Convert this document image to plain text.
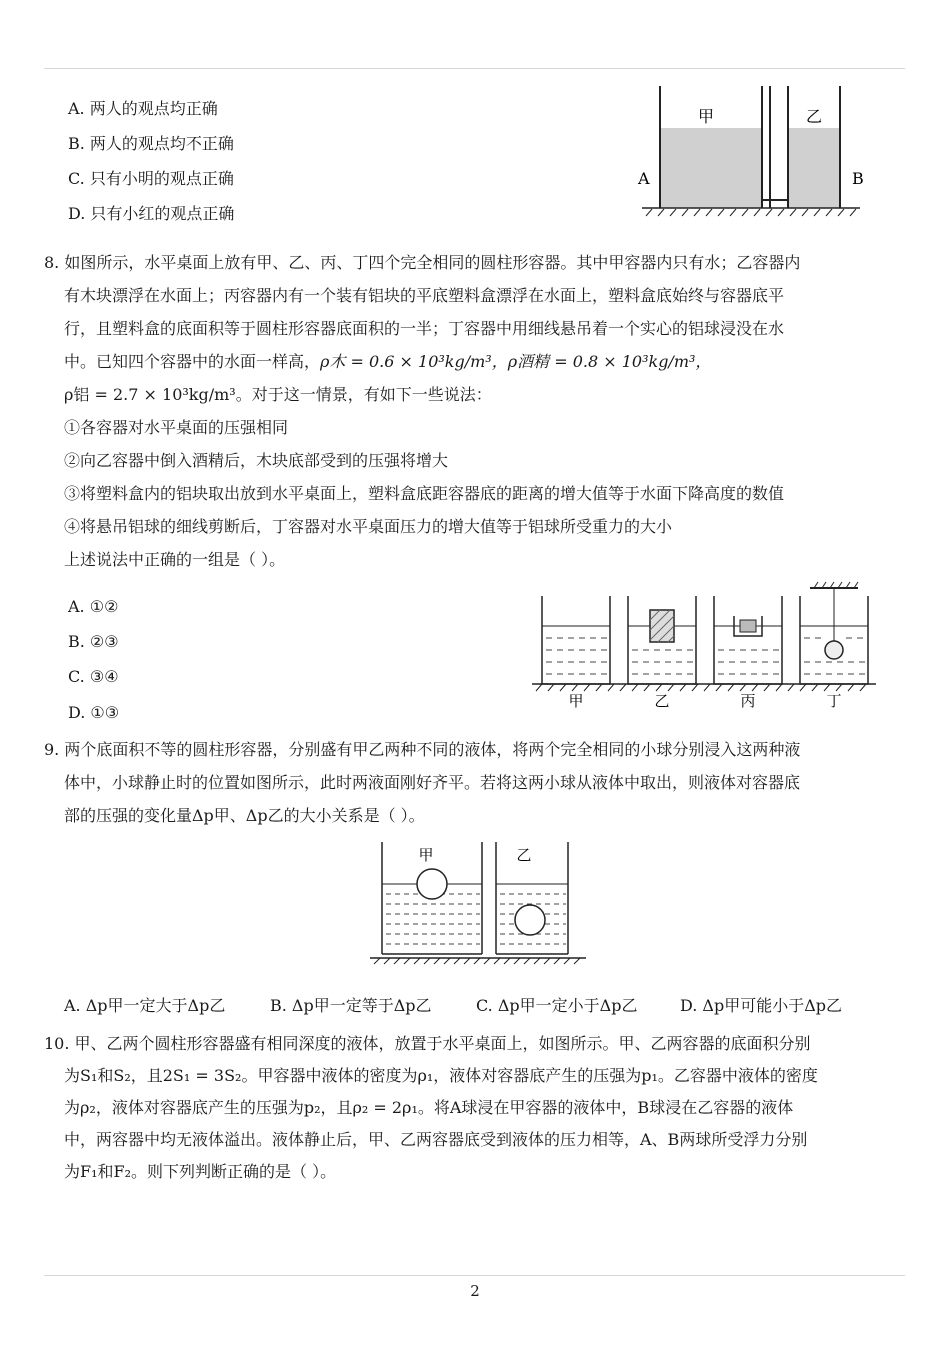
A. 两人的观点均正确
B. 两人的观点均不正确
C. 只有小明的观点正确
D. 只有小红的观点正确
甲	乙
A	B
8. 如图所示，水平桌面上放有甲、乙、丙、丁四个完全相同的圆柱形容器。其中甲容器内只有水；乙容器内
有木块漂浮在水面上；丙容器内有一个装有铝块的平底塑料盒漂浮在水面上，塑料盒底始终与容器底平
行，且塑料盒的底面积等于圆柱形容器底面积的一半；丁容器中用细线悬吊着一个实心的铝球浸没在水
中。已知四个容器中的水面一样高，ρ木 = 0.6 × 10³kg/m³，ρ酒精 = 0.8 × 10³kg/m³，
ρ铝 = 2.7 × 10³kg/m³。对于这一情景，有如下一些说法：
①各容器对水平桌面的压强相同
②向乙容器中倒入酒精后，木块底部受到的压强将增大
③将塑料盒内的铝块取出放到水平桌面上，塑料盒底距容器底的距离的增大值等于水面下降高度的数值
④将悬吊铝球的细线剪断后，丁容器对水平桌面压力的增大值等于铝球所受重力的大小
上述说法中正确的一组是（ ）。
A. ①②
B. ②③
C. ③④
D. ①③
甲	乙	丙	丁
9. 两个底面积不等的圆柱形容器，分别盛有甲乙两种不同的液体，将两个完全相同的小球分别浸入这两种液
体中，小球静止时的位置如图所示，此时两液面刚好齐平。若将这两小球从液体中取出，则液体对容器底
部的压强的变化量Δp甲、Δp乙的大小关系是（ ）。
甲	乙
A. Δp甲一定大于Δp乙	B. Δp甲一定等于Δp乙	C. Δp甲一定小于Δp乙	D. Δp甲可能小于Δp乙
10. 甲、乙两个圆柱形容器盛有相同深度的液体，放置于水平桌面上，如图所示。甲、乙两容器的底面积分别
为S₁和S₂，且2S₁ = 3S₂。甲容器中液体的密度为ρ₁，液体对容器底产生的压强为p₁。乙容器中液体的密度
为ρ₂，液体对容器底产生的压强为p₂，且ρ₂ = 2ρ₁。将A球浸在甲容器的液体中，B球浸在乙容器的液体
中，两容器中均无液体溢出。液体静止后，甲、乙两容器底受到液体的压力相等，A、B两球所受浮力分别
为F₁和F₂。则下列判断正确的是（ ）。
2
